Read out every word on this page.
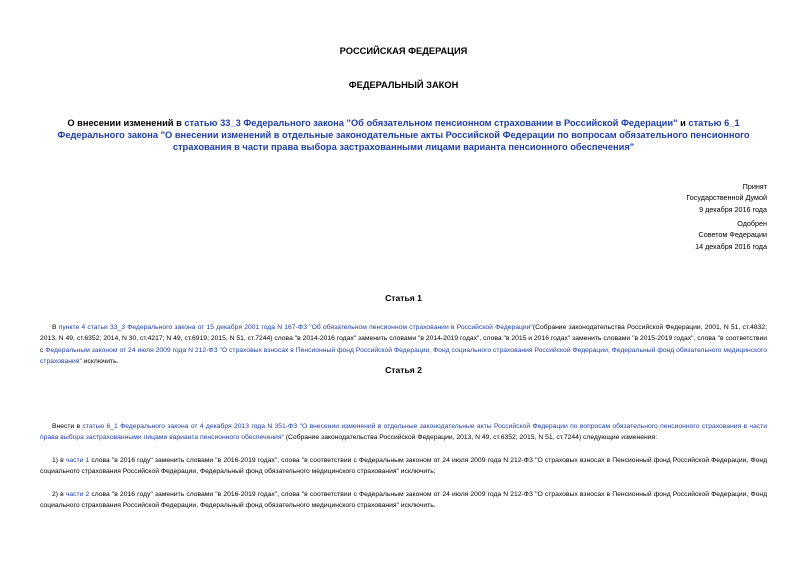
РОССИЙСКАЯ ФЕДЕРАЦИЯ
ФЕДЕРАЛЬНЫЙ ЗАКОН
О внесении изменений в статью 33_3 Федерального закона "Об обязательном пенсионном страховании в Российской Федерации" и статью 6_1 Федерального закона "О внесении изменений в отдельные законодательные акты Российской Федерации по вопросам обязательного пенсионного страхования в части права выбора застрахованными лицами варианта пенсионного обеспечения"
Принят
Государственной Думой
9 декабря 2016 года
Одобрен
Советом Федерации
14 декабря 2016 года
Статья 1
В пункте 4 статьи 33_3 Федерального закона от 15 декабря 2001 года N 167-ФЗ "Об обязательном пенсионном страховании в Российской Федерации"(Собрание законодательства Российской Федерации, 2001, N 51, ст.4832; 2013, N 49, ст.6352; 2014, N 30, ст.4217; N 49, ст.6919; 2015, N 51, ст.7244) слова "в 2014-2016 годах" заменить словами "в 2014-2019 годах", слова "в 2015 и 2016 годах" заменить словами "в 2015-2019 годах", слова "в соответствии с Федеральным законом от 24 июля 2009 года N 212-ФЗ "О страховых взносах в Пенсионный фонд Российской Федерации, Фонд социального страхования Российской Федерации, Федеральный фонд обязательного медицинского страхования" исключить.
Статья 2
Внести в статью 6_1 Федерального закона от 4 декабря 2013 года N 351-ФЗ "О внесении изменений в отдельные законодательные акты Российской Федерации по вопросам обязательного пенсионного страхования в части права выбора застрахованными лицами варианта пенсионного обеспечения" (Собрание законодательства Российской Федерации, 2013, N 49, ст.6352; 2015, N 51, ст.7244) следующие изменения:
1) в части 1 слова "в 2016 году" заменить словами "в 2016-2019 годах", слова "в соответствии с Федеральным законом от 24 июля 2009 года N 212-ФЗ "О страховых взносах в Пенсионный фонд Российской Федерации, Фонд социального страхования Российской Федерации, Федеральный фонд обязательного медицинского страхования" исключить;
2) в части 2 слова "в 2016 году" заменить словами "в 2016-2019 годах", слова "в соответствии с Федеральным законом от 24 июля 2009 года N 212-ФЗ "О страховых взносах в Пенсионный фонд Российской Федерации, Фонд социального страхования Российской Федерации, Федеральный фонд обязательного медицинского страхования" исключить.
